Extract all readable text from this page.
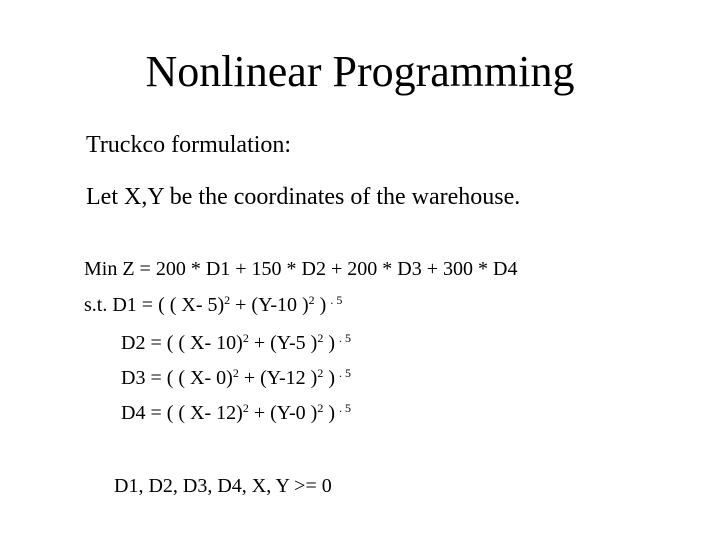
Nonlinear Programming
Truckco formulation:
Let X,Y be the coordinates of the warehouse.
Min Z = 200 * D1 + 150 * D2 + 200 * D3 + 300 * D4
s.t. D1 = ( ( X- 5)$^2$ + (Y-10 )$^2$ ) $^{. 5}$
D2 = ( ( X- 10)$^2$ + (Y-5 )$^2$ ) $^{. 5}$
D3 = ( ( X- 0)$^2$ + (Y-12 )$^2$ ) $^{. 5}$
D4 = ( ( X- 12)$^2$ + (Y-0 )$^2$ ) $^{. 5}$
D1, D2, D3, D4, X, Y >= 0
